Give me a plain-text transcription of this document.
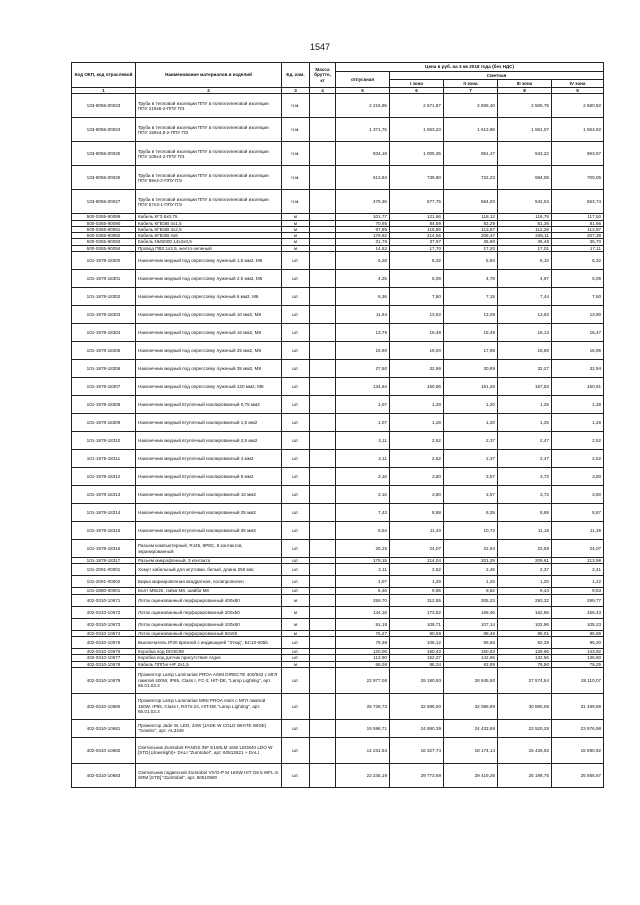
1547
Код ОКП, код отраслевой	Наименование материалов и изделий	Ед. изм.	Масса брутто, кг	Цена в руб. на 3 кв 2018 года (без НДС)				
				отпускная	Сметная			
					I зона	II зона	III зона	IV зона
1	2	3	4	5	6	7	8	9
103-8055-00023	Труба в тепловой изоляции ППУ в полиэтиленовой изоляции ППУ 219х6-2-ППУ ПЭ	п.м.		2 216,95	2 671,87	2 608,40	2 506,75	2 580,82
103-8055-00024	Труба в тепловой изоляции ППУ в полиэтиленовой изоляции ППУ 159х4,5-2-ППУ ПЭ	п.м.		1 371,75	1 653,23	1 613,96	1 551,07	1 564,62
103-8055-00025	Труба в тепловой изоляции ППУ в полиэтиленовой изоляции ППУ 108х4-2-ППУ ПЭ	п.м.		834,18	1 005,35	981,47	943,22	963,57
103-8055-00026	Труба в тепловой изоляции ППУ в полиэтиленовой изоляции ППУ 89х4-2-ППУ ПЭ	п.м.		613,84	739,80	722,23	694,08	709,05
103-8055-00027	Труба в тепловой изоляции ППУ в полиэтиленовой изоляции ППУ 57х3-1-ППУ ПЭ	п.м.		479,36	577,75	564,03	542,04	553,74
500-0355-90089	Кабель КГЗ 6х0,75	м		101,77	121,66	118,12	116,78	117,50
500-0355-90090	Кабель КГВЭВ 4х1,5	м		70,95	84,59	82,29	81,36	81,66
500-0355-90091	Кабель КГВЭВ 4х2,5	м		97,95	116,86	113,57	112,28	112,97
500-0355-90092	Кабель КГВЭВ 4х6	м		179,62	214,55	208,47	206,11	207,38
500-0355-90093	Кабель NM2000 14х2х0,5	м		31,79	37,97	36,90	36,48	36,70
500-0355-90094	Провод ПВЗ 1х2,5, желто-зеленый	м		14,82	17,70	17,20	17,01	17,11
101-1978-18300	Наконечник медный под опрессовку луженый 1,5 мм2, М5	шт.		5,28	6,32	5,94	6,10	6,32
101-1978-18301	Наконечник медный под опрессовку луженый 2,5 мм2, М5	шт.		4,25	5,09	4,78	4,97	5,09
101-1978-18302	Наконечник медный под опрессовку луженый 6 мм2, М6	шт.		6,36	7,60	7,15	7,44	7,60
101-1978-18303	Наконечник медный под опрессовку луженый 10 мм2, М8	шт.		11,64	13,92	13,08	13,62	13,90
101-1978-18304	Наконечник медный под опрессовку луженый 16 мм2, М8	шт.		13,79	16,48	15,49	16,13	16,47
101-1978-18305	Наконечник медный под опрессовку луженый 25 мм2, М8	шт.		15,90	19,00	17,86	18,60	18,99
101-1978-18306	Наконечник медный под опрессовку луженый 35 мм2, М8	шт.		27,50	32,96	30,89	32,27	32,94
101-1978-18307	Наконечник медный под опрессовку луженый 120 мм2, М8	шт.		134,64	160,86	151,28	157,53	160,81
101-1978-18308	Наконечник медный втулочный изолированный 0,75 мм2	шт.		1,07	1,28	1,20	1,25	1,28
101-1978-18309	Наконечник медный втулочный изолированный 1,5 мм2	шт.		1,07	1,28	1,20	1,25	1,28
101-1978-18310	Наконечник медный втулочный изолированный 2,5 мм2	шт.		2,11	2,52	2,37	2,47	2,52
101-1978-18311	Наконечник медный втулочный изолированный 4 мм2	шт.		2,11	2,52	2,37	2,47	2,52
101-1978-18312	Наконечник медный втулочный изолированный 6 мм2	шт.		3,16	3,80	3,57	3,72	3,80
101-1978-18313	Наконечник медный втулочный изолированный 16 мм2	шт.		3,16	3,80	3,57	3,72	3,80
101-1978-18314	Наконечник медный втулочный изолированный 25 мм2	шт.		7,43	8,88	8,35	8,69	8,87
101-1978-18315	Наконечник медный втулочный изолированный 35 мм2	шт.		9,54	11,40	10,72	11,16	11,39
101-1978-18316	Разъем компьютерный, RJ45, 8P8C, 8 контактов, экранированный	шт.		20,15	24,07	22,64	23,58	24,07
101-1978-18317	Разъем микрофонный, 3 контакта	шт.		179,15	214,04	201,29	209,61	213,98
101-2091-00001	Хомут кабельный для жгутовки, белый, длина 250 мм;	шт.		2,11	2,52	2,46	2,37	2,41
101-2091-00002	Бирка маркировочная квадратная, полипропилен	шт.		1,07	1,28	1,25	1,20	1,22
101-2880-00001	Болт М8х20, гайка М8, шайба М8	шт.		8,46	9,95	9,62	9,44	9,63
402-0310-10671	Лоток оцинкованный перфорированный 400х80	м		259,70	312,55	305,23	293,32	299,77
402-0310-10672	Лоток оцинкованный перфорированный 200х50	м		144,18	173,52	169,46	162,86	166,43
402-0310-10673	Лоток оцинкованный перфорированный 100х50	м		91,18	109,71	107,14	102,96	105,23
402-0310-10674	Лоток оцинкованный перфорированный 50х50	м		75,27	90,59	88,46	85,01	86,89
402-0310-10675	Выключатель IP20 врезной с индикацией "Этюд", БС10-005b	шт.		79,38	108,12	99,56	92,38	95,20
402-0310-10676	Коробка под DIGIDIM	шт.		120,08	160,43	150,53	139,66	143,92
402-0310-10677	Коробка под датчик присутствия Argus	шт.		113,90	152,27	142,66	132,56	136,60
402-0310-10678	Кабель ПППнг-HF 2х1,5	м		66,08	88,34	82,89	76,90	79,25
402-0310-10679	Прожектор Lamp Luminarias PROA ASIM DIRECTE 400/842 с МГЛ лампой 400W, IP65, Class I, FC-2, HIT-DE, "Lamp Lighting", арт. 66.01.03.3	шт.		22 977,08	29 180,93	28 645,50	27 574,64	28 110,07
402-0310-10680	Прожектор Lamp Luminarias MINI PROA Asim с МГЛ лампой 150W, IP65, Class I, RX7s-24, HIT-DE,"Lamp Lighting", арт. 66.01.02.3	шт.		25 739,73	32 689,50	32 089,69	30 890,06	31 489,88
402-0310-10681	Прожектор Jade W, LED, 23W (JADE W COLD WHITE WIDE) "Gewiss", арт. AL3446	шт.		19 596,71	24 890,39	24 433,69	23 520,28	23 976,98
402-0310-10682	Светильник Zumtobel PANOS INF E150LM 16W LED840 LDO W [STD] (downlight)+ DALI "Zumtobel", арт. 60812621 + DALI	шт.		14 231,54	18 327,74	18 174,14	15 426,92	15 890,92
402-0310-10683	Светильник подвесной Zumtobel VIVO-P M 16SW HIT G8.5 WFL-S SRM [STD] "Zumtobel", арт. 60510980	шт.		23 245,19	29 773,69	29 419,26	25 198,76	25 956,67
